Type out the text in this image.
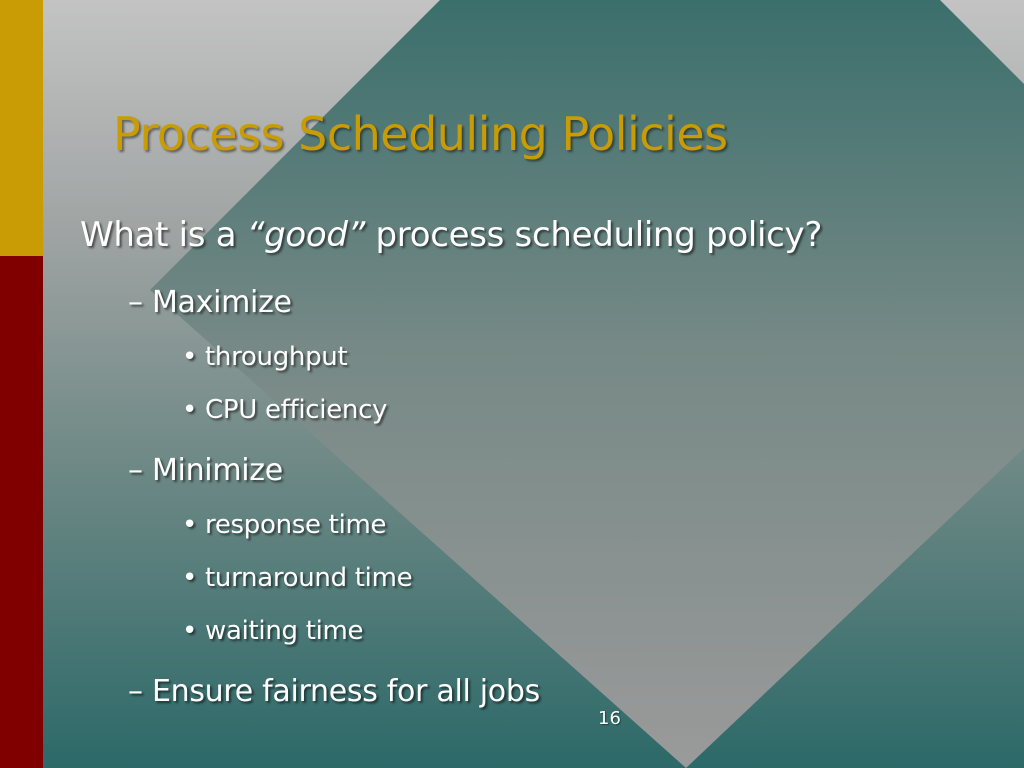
Process Scheduling Policies
What is a “good” process scheduling policy?
– Maximize
• throughput
• CPU efficiency
– Minimize
• response time
• turnaround time
• waiting time
– Ensure fairness for all jobs
16
